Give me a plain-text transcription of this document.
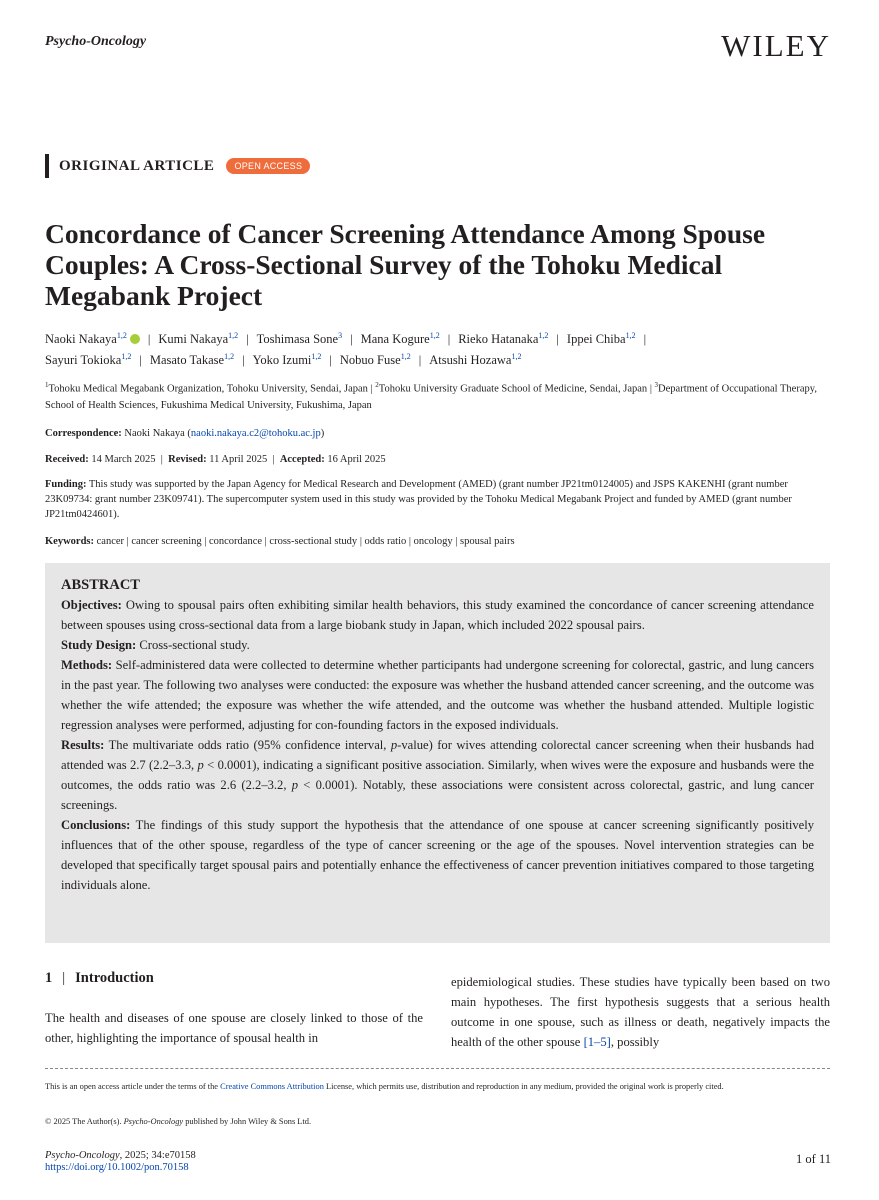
Psycho-Oncology	WILEY
ORIGINAL ARTICLE	OPEN ACCESS
Concordance of Cancer Screening Attendance Among Spouse Couples: A Cross-Sectional Survey of the Tohoku Medical Megabank Project
Naoki Nakaya$^{1,2}$ | Kumi Nakaya$^{1,2}$ | Toshimasa Sone$^3$ | Mana Kogure$^{1,2}$ | Rieko Hatanaka$^{1,2}$ | Ippei Chiba$^{1,2}$ |
Sayuri Tokioka$^{1,2}$ | Masato Takase$^{1,2}$ | Yoko Izumi$^{1,2}$ | Nobuo Fuse$^{1,2}$ | Atsushi Hozawa$^{1,2}$
$^1$Tohoku Medical Megabank Organization, Tohoku University, Sendai, Japan | $^2$Tohoku University Graduate School of Medicine, Sendai, Japan | $^3$Department of Occupational Therapy, School of Health Sciences, Fukushima Medical University, Fukushima, Japan
Correspondence: Naoki Nakaya (naoki.nakaya.c2@tohoku.ac.jp)
Received: 14 March 2025  |  Revised: 11 April 2025  |  Accepted: 16 April 2025
Funding: This study was supported by the Japan Agency for Medical Research and Development (AMED) (grant number JP21tm0124005) and JSPS KAKENHI (grant number 23K09734: grant number 23K09741). The supercomputer system used in this study was provided by the Tohoku Medical Megabank Project and funded by AMED (grant number JP21tm0424601).
Keywords: cancer | cancer screening | concordance | cross-sectional study | odds ratio | oncology | spousal pairs
ABSTRACT

Objectives: Owing to spousal pairs often exhibiting similar health behaviors, this study examined the concordance of cancer screening attendance between spouses using cross-sectional data from a large biobank study in Japan, which included 2022 spousal pairs.

Study Design: Cross-sectional study.

Methods: Self-administered data were collected to determine whether participants had undergone screening for colorectal, gastric, and lung cancers in the past year. The following two analyses were conducted: the exposure was whether the husband attended cancer screening, and the outcome was whether the wife attended; the exposure was whether the wife attended, and the outcome was whether the husband attended. Multiple logistic regression analyses were performed, adjusting for con-founding factors in the exposed individuals.

Results: The multivariate odds ratio (95% confidence interval, p-value) for wives attending colorectal cancer screening when their husbands had attended was 2.7 (2.2–3.3, p < 0.0001), indicating a significant positive association. Similarly, when wives were the exposure and husbands were the outcomes, the odds ratio was 2.6 (2.2–3.2, p < 0.0001). Notably, these associations were consistent across colorectal, gastric, and lung cancer screenings.

Conclusions: The findings of this study support the hypothesis that the attendance of one spouse at cancer screening significantly positively influences that of the other spouse, regardless of the type of cancer screening or the age of the spouses. Novel intervention strategies can be developed that specifically target spousal pairs and potentially enhance the effectiveness of cancer prevention initiatives compared to those targeting individuals alone.

1 | Introduction
The health and diseases of one spouse are closely linked to those of the other, highlighting the importance of spousal health in
epidemiological studies. These studies have typically been based on two main hypotheses. The first hypothesis suggests that a serious health outcome in one spouse, such as illness or death, negatively impacts the health of the other spouse [1–5], possibly
This is an open access article under the terms of the Creative Commons Attribution License, which permits use, distribution and reproduction in any medium, provided the original work is properly cited.
© 2025 The Author(s). Psycho-Oncology published by John Wiley & Sons Ltd.
Psycho-Oncology, 2025; 34:e70158
https://doi.org/10.1002/pon.70158
1 of 11
